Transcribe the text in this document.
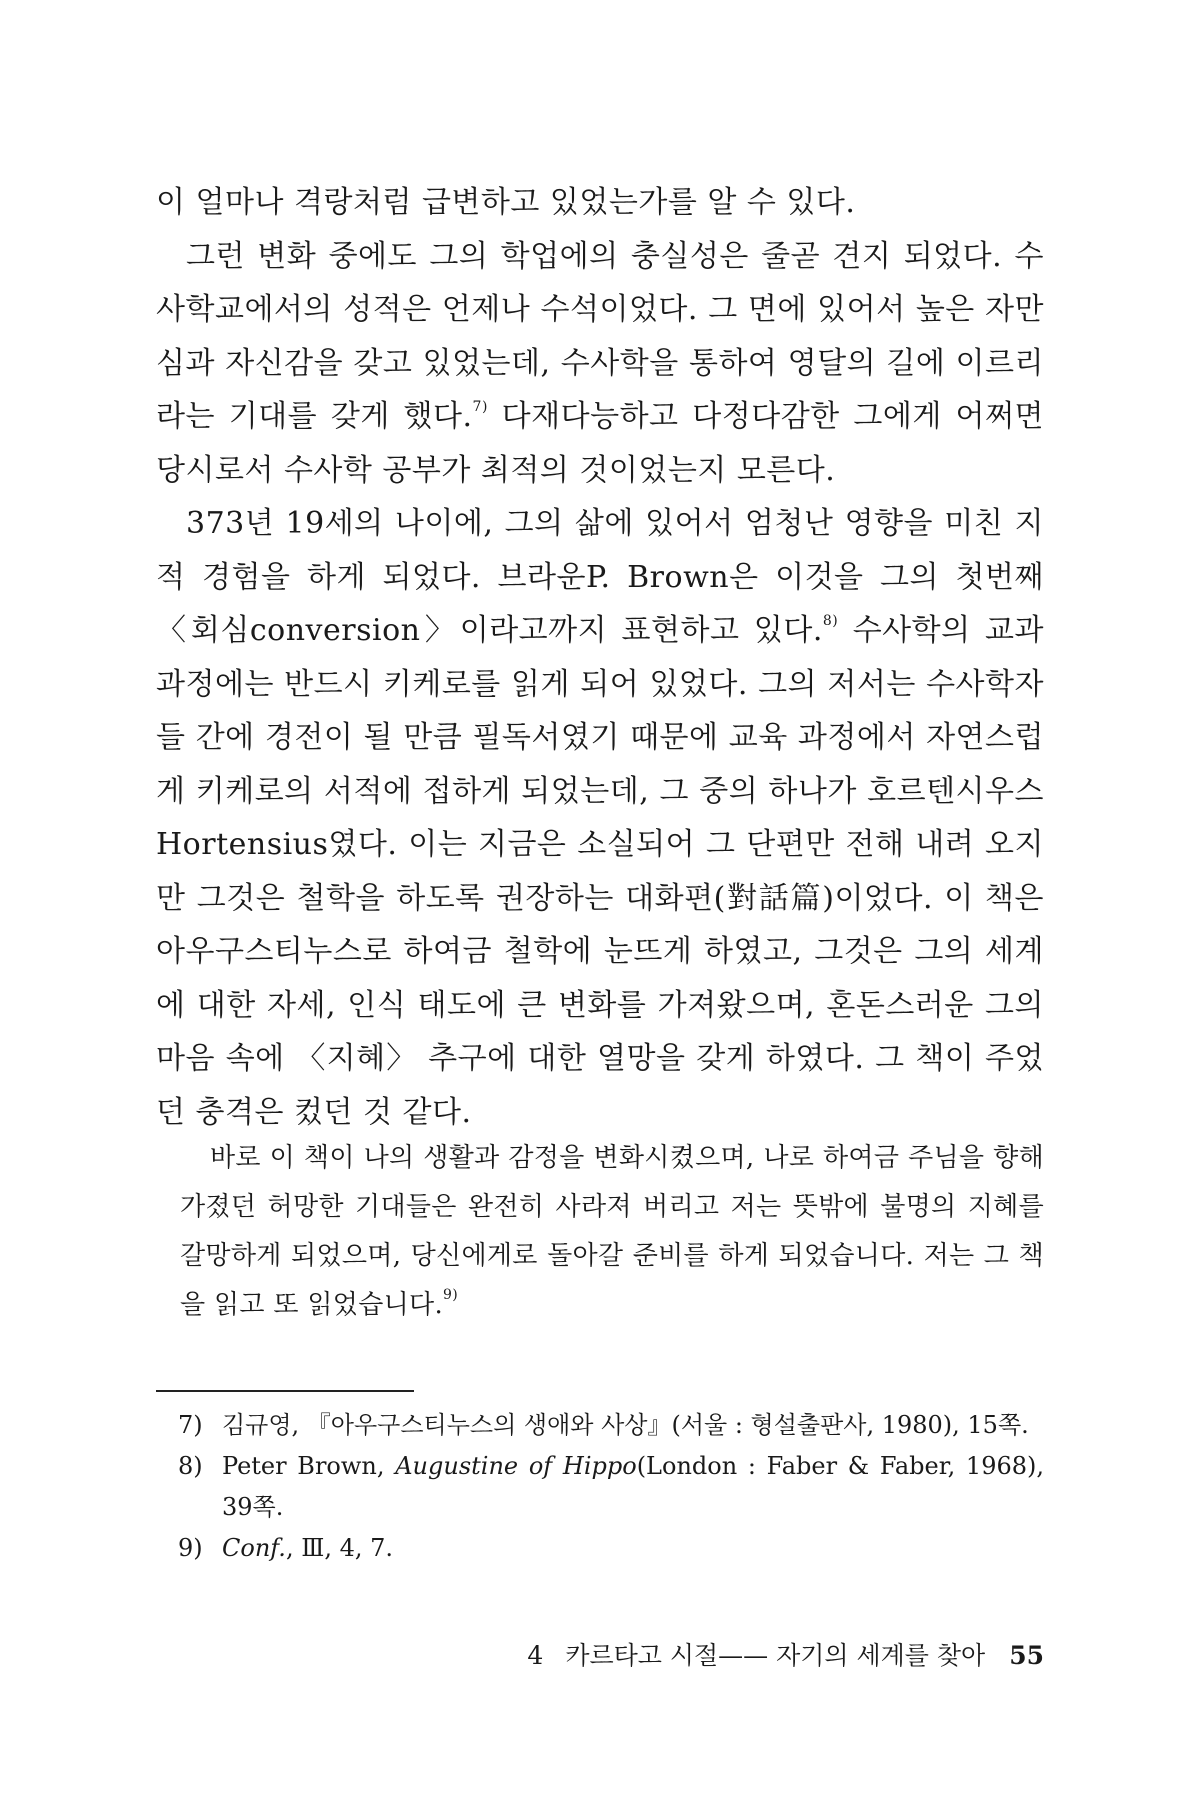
이 얼마나 격랑처럼 급변하고 있었는가를 알 수 있다.

그런 변화 중에도 그의 학업에의 충실성은 줄곧 견지 되었다. 수사학교에서의 성적은 언제나 수석이었다. 그 면에 있어서 높은 자만심과 자신감을 갖고 있었는데, 수사학을 통하여 영달의 길에 이르리라는 기대를 갖게 했다.$^{7)}$ 다재다능하고 다정다감한 그에게 어쩌면 당시로서 수사학 공부가 최적의 것이었는지 모른다.

373년 19세의 나이에, 그의 삶에 있어서 엄청난 영향을 미친 지적 경험을 하게 되었다. 브라운P. Brown은 이것을 그의 첫번째 〈회심conversion〉이라고까지 표현하고 있다.$^{8)}$ 수사학의 교과 과정에는 반드시 키케로를 읽게 되어 있었다. 그의 저서는 수사학자들 간에 경전이 될 만큼 필독서였기 때문에 교육 과정에서 자연스럽게 키케로의 서적에 접하게 되었는데, 그 중의 하나가 호르텐시우스Hortensius였다. 이는 지금은 소실되어 그 단편만 전해 내려 오지만 그것은 철학을 하도록 권장하는 대화편(對話篇)이었다. 이 책은 아우구스티누스로 하여금 철학에 눈뜨게 하였고, 그것은 그의 세계에 대한 자세, 인식 태도에 큰 변화를 가져왔으며, 혼돈스러운 그의 마음 속에 〈지혜〉 추구에 대한 열망을 갖게 하였다. 그 책이 주었던 충격은 컸던 것 같다.

바로 이 책이 나의 생활과 감정을 변화시켰으며, 나로 하여금 주님을 향해 가졌던 허망한 기대들은 완전히 사라져 버리고 저는 뜻밖에 불명의 지혜를 갈망하게 되었으며, 당신에게로 돌아갈 준비를 하게 되었습니다. 저는 그 책을 읽고 또 읽었습니다.$^{9)}$

7) 김규영, 『아우구스티누스의 생애와 사상』(서울 : 형설출판사, 1980), 15쪽.
8) Peter Brown, Augustine of Hippo(London : Faber & Faber, 1968), 39쪽.
9) Conf., Ⅲ, 4, 7.
4 카르타고 시절—— 자기의 세계를 찾아 55
